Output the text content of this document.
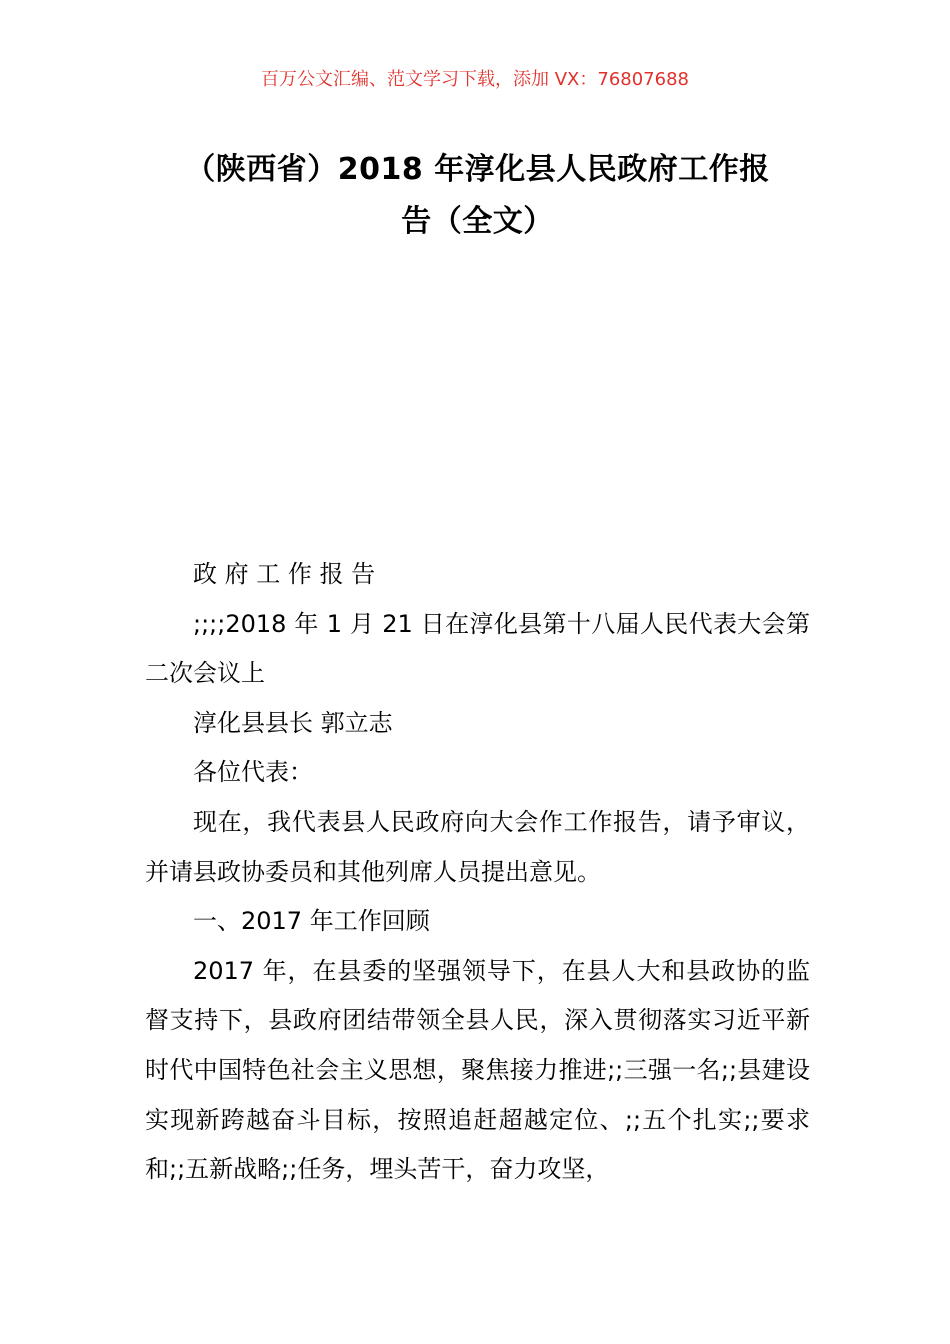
百万公文汇编、范文学习下载，添加 VX：76807688
（陕西省）2018 年淳化县人民政府工作报
告（全文）

政 府 工 作 报 告

;;;;2018 年 1 月 21 日在淳化县第十八届人民代表大会第二次会议上

淳化县县长 郭立志

各位代表：

现在，我代表县人民政府向大会作工作报告，请予审议，并请县政协委员和其他列席人员提出意见。

一、2017 年工作回顾

2017 年，在县委的坚强领导下，在县人大和县政协的监督支持下，县政府团结带领全县人民，深入贯彻落实习近平新时代中国特色社会主义思想，聚焦接力推进;;三强一名;;县建设实现新跨越奋斗目标，按照追赶超越定位、;;五个扎实;;要求和;;五新战略;;任务，埋头苦干，奋力攻坚，
